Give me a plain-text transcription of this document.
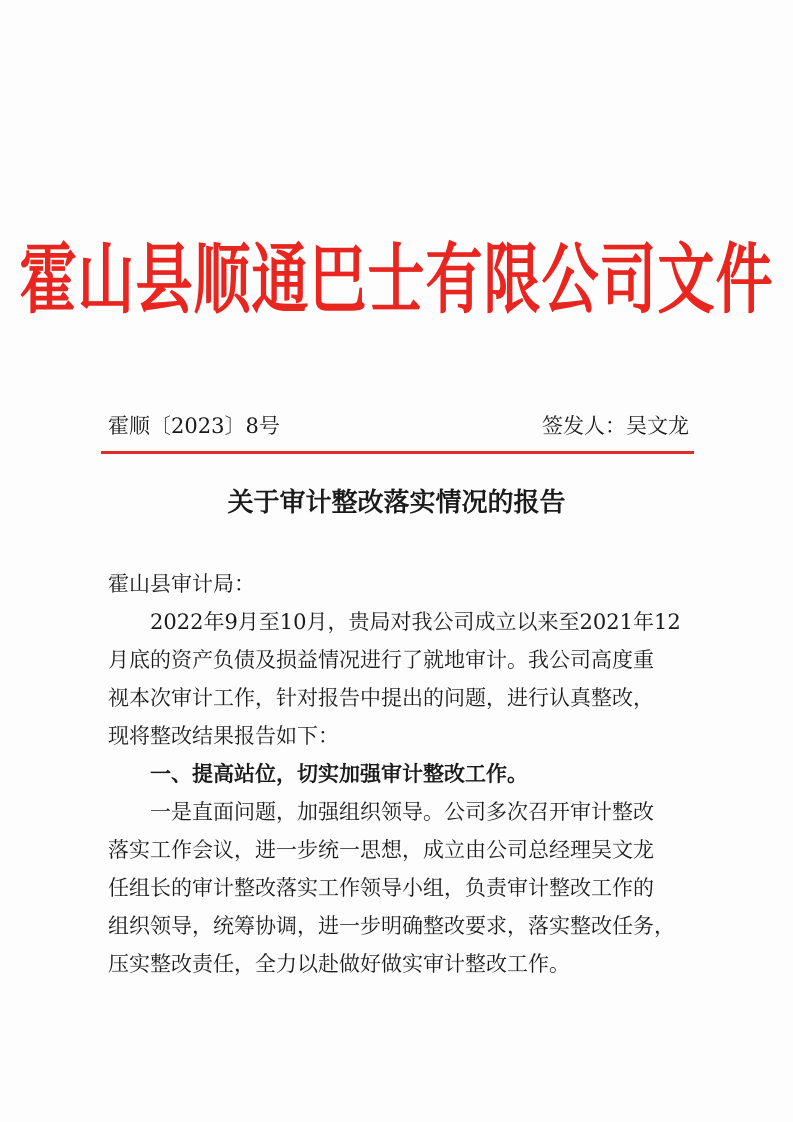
霍山县顺通巴士有限公司文件
霍顺〔2023〕8号	签发人：吴文龙
关于审计整改落实情况的报告
霍山县审计局：
2022年9月至10月，贵局对我公司成立以来至2021年12
月底的资产负债及损益情况进行了就地审计。我公司高度重
视本次审计工作，针对报告中提出的问题，进行认真整改，
现将整改结果报告如下：
一、提高站位，切实加强审计整改工作。
一是直面问题，加强组织领导。公司多次召开审计整改
落实工作会议，进一步统一思想，成立由公司总经理吴文龙
任组长的审计整改落实工作领导小组，负责审计整改工作的
组织领导，统筹协调，进一步明确整改要求，落实整改任务，
压实整改责任，全力以赴做好做实审计整改工作。
